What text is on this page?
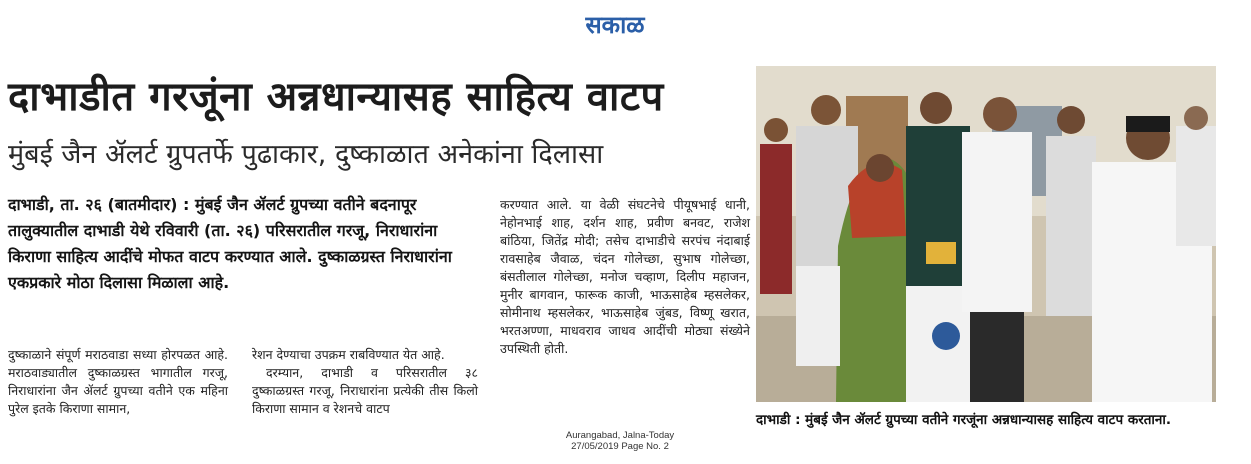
सकाळ
दाभाडीत गरजूंना अन्नधान्यासह साहित्य वाटप
मुंबई जैन ॲलर्ट ग्रुपतर्फे पुढाकार, दुष्काळात अनेकांना दिलासा
दाभाडी, ता. २६ (बातमीदार) : मुंबई जैन ॲलर्ट ग्रुपच्या वतीने बदनापूर तालुक्यातील दाभाडी येथे रविवारी (ता. २६) परिसरातील गरजू, निराधारांना किराणा साहित्य आदींचे मोफत वाटप करण्यात आले. दुष्काळग्रस्त निराधारांना एकप्रकारे मोठा दिलासा मिळाला आहे.

दुष्काळाने संपूर्ण मराठवाडा सध्या होरपळत आहे. मराठवाड्यातील दुष्काळग्रस्त भागातील गरजू, निराधारांना जैन ॲलर्ट ग्रुपच्या वतीने एक महिना पुरेल इतके किराणा सामान,

रेशन देण्याचा उपक्रम राबविण्यात येत आहे.

दरम्यान, दाभाडी व परिसरातील ३८ दुष्काळग्रस्त गरजू, निराधारांना प्रत्येकी तीस किलो किराणा सामान व रेशनचे वाटप

करण्यात आले. या वेळी संघटनेचे पीयूषभाई धानी, नेहोनभाई शाह, दर्शन शाह, प्रवीण बनवट, राजेश बांठिया, जितेंद्र मोदी; तसेच दाभाडीचे सरपंच नंदाबाई रावसाहेब जैवाळ, चंदन गोलेच्छा, सुभाष गोलेच्छा, बंसतीलाल गोलेच्छा, मनोज चव्हाण, दिलीप महाजन, मुनीर बागवान, फारूक काजी, भाऊसाहेब म्हसलेकर, सोमीनाथ म्हसलेकर, भाऊसाहेब जुंबड, विष्णू खरात, भरतअण्णा, माधवराव जाधव आदींची मोठ्या संख्येने उपस्थिती होती.

दाभाडी : मुंबई जैन ॲलर्ट ग्रुपच्या वतीने गरजूंना अन्नधान्यासह साहित्य वाटप करताना.
Aurangabad, Jalna-Today
27/05/2019 Page No. 2
